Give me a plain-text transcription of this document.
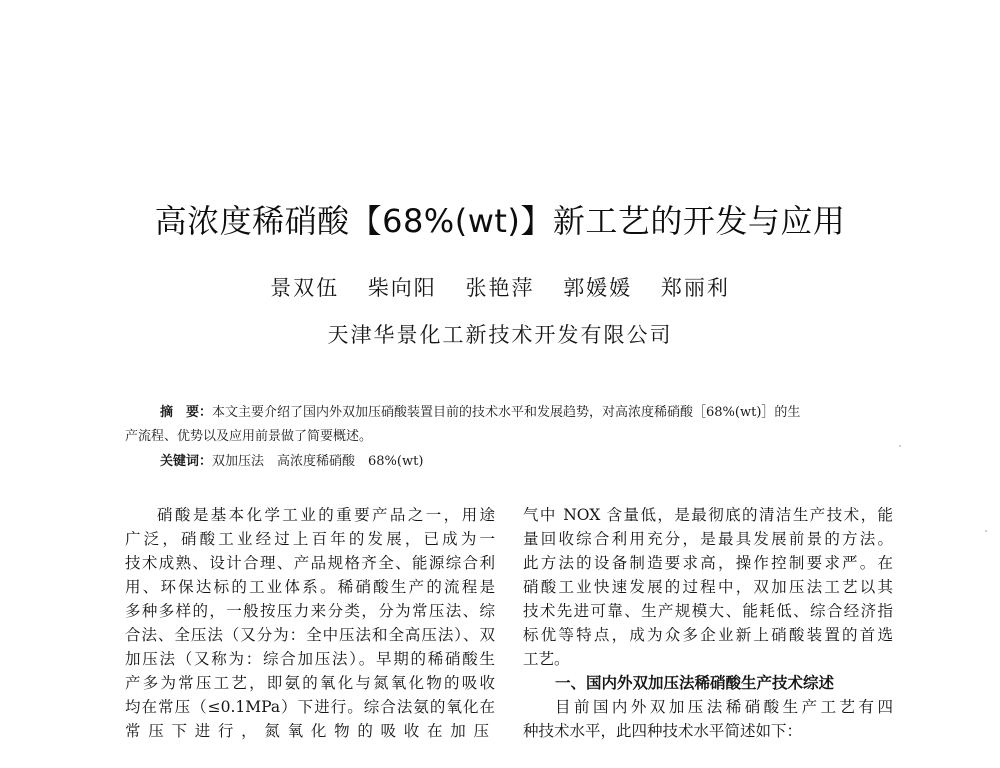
高浓度稀硝酸【68%(wt)】新工艺的开发与应用
景双伍 柴向阳 张艳萍 郭媛媛 郑丽利
天津华景化工新技术开发有限公司
摘　要：本文主要介绍了国内外双加压硝酸装置目前的技术水平和发展趋势，对高浓度稀硝酸［68%(wt)］的生
产流程、优势以及应用前景做了简要概述。
关键词：双加压法　高浓度稀硝酸　68%(wt)
硝酸是基本化学工业的重要产品之一，用途
广泛，硝酸工业经过上百年的发展，已成为一
技术成熟、设计合理、产品规格齐全、能源综合利
用、环保达标的工业体系。稀硝酸生产的流程是
多种多样的，一般按压力来分类，分为常压法、综
合法、全压法（又分为：全中压法和全高压法）、双
加压法（又称为：综合加压法）。早期的稀硝酸生
产多为常压工艺，即氨的氧化与氮氧化物的吸收
均在常压（≤0.1MPa）下进行。综合法氨的氧化在
常压下进行，氮氧化物的吸收在加压
气中 NOX 含量低，是最彻底的清洁生产技术，能
量回收综合利用充分，是最具发展前景的方法。
此方法的设备制造要求高，操作控制要求严。在
硝酸工业快速发展的过程中，双加压法工艺以其
技术先进可靠、生产规模大、能耗低、综合经济指
标优等特点，成为众多企业新上硝酸装置的首选
工艺。
一、国内外双加压法稀硝酸生产技术综述
目前国内外双加压法稀硝酸生产工艺有四
种技术水平，此四种技术水平简述如下：
